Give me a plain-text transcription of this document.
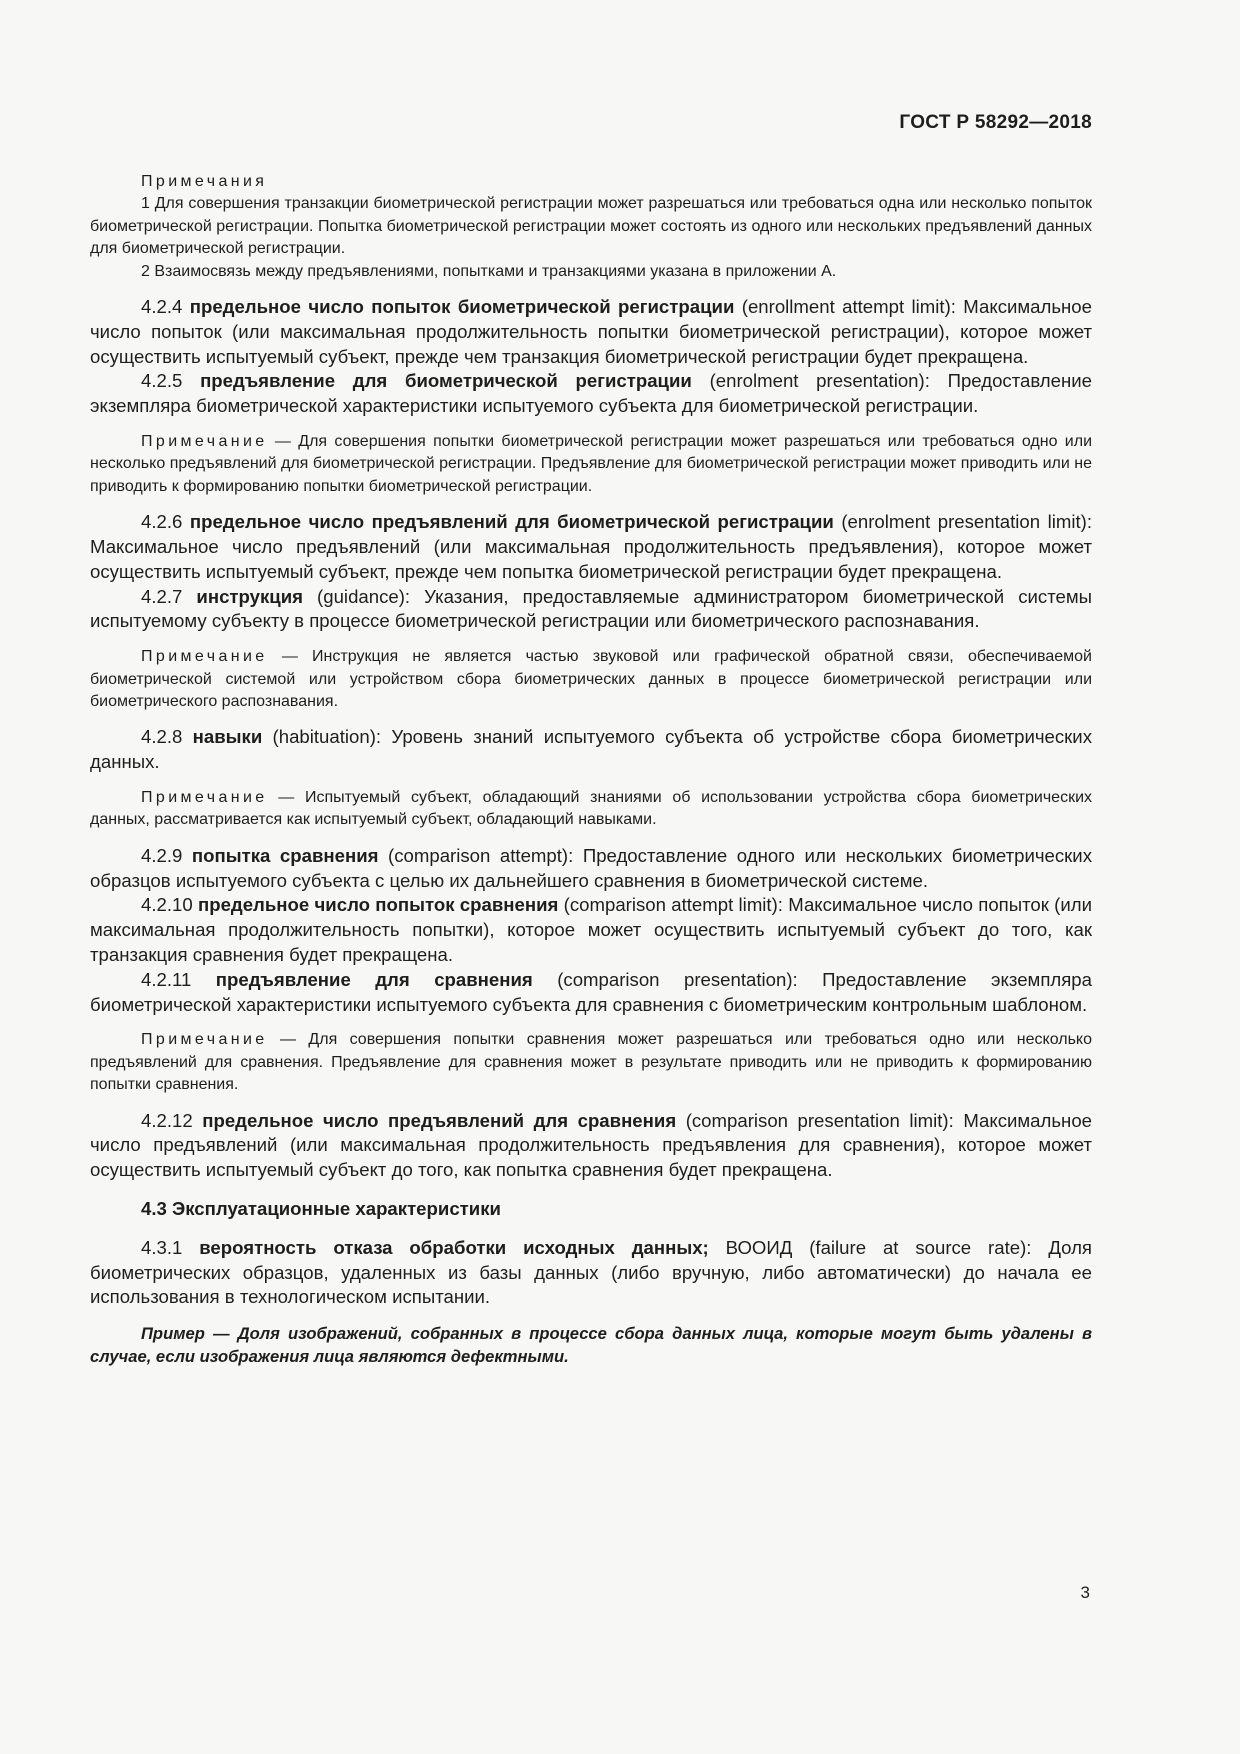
ГОСТ Р 58292—2018

Примечания

1 Для совершения транзакции биометрической регистрации может разрешаться или требоваться одна или несколько попыток биометрической регистрации. Попытка биометрической регистрации может состоять из одного или нескольких предъявлений данных для биометрической регистрации.

2 Взаимосвязь между предъявлениями, попытками и транзакциями указана в приложении А.

4.2.4 предельное число попыток биометрической регистрации (enrollment attempt limit): Максимальное число попыток (или максимальная продолжительность попытки биометрической регистрации), которое может осуществить испытуемый субъект, прежде чем транзакция биометрической регистрации будет прекращена.

4.2.5 предъявление для биометрической регистрации (enrolment presentation): Предоставление экземпляра биометрической характеристики испытуемого субъекта для биометрической регистрации.

Примечание — Для совершения попытки биометрической регистрации может разрешаться или требоваться одно или несколько предъявлений для биометрической регистрации. Предъявление для биометрической регистрации может приводить или не приводить к формированию попытки биометрической регистрации.

4.2.6 предельное число предъявлений для биометрической регистрации (enrolment presentation limit): Максимальное число предъявлений (или максимальная продолжительность предъявления), которое может осуществить испытуемый субъект, прежде чем попытка биометрической регистрации будет прекращена.

4.2.7 инструкция (guidance): Указания, предоставляемые администратором биометрической системы испытуемому субъекту в процессе биометрической регистрации или биометрического распознавания.

Примечание — Инструкция не является частью звуковой или графической обратной связи, обеспечиваемой биометрической системой или устройством сбора биометрических данных в процессе биометрической регистрации или биометрического распознавания.

4.2.8 навыки (habituation): Уровень знаний испытуемого субъекта об устройстве сбора биометрических данных.

Примечание — Испытуемый субъект, обладающий знаниями об использовании устройства сбора биометрических данных, рассматривается как испытуемый субъект, обладающий навыками.

4.2.9 попытка сравнения (comparison attempt): Предоставление одного или нескольких биометрических образцов испытуемого субъекта с целью их дальнейшего сравнения в биометрической системе.

4.2.10 предельное число попыток сравнения (comparison attempt limit): Максимальное число попыток (или максимальная продолжительность попытки), которое может осуществить испытуемый субъект до того, как транзакция сравнения будет прекращена.

4.2.11 предъявление для сравнения (comparison presentation): Предоставление экземпляра биометрической характеристики испытуемого субъекта для сравнения с биометрическим контрольным шаблоном.

Примечание — Для совершения попытки сравнения может разрешаться или требоваться одно или несколько предъявлений для сравнения. Предъявление для сравнения может в результате приводить или не приводить к формированию попытки сравнения.

4.2.12 предельное число предъявлений для сравнения (comparison presentation limit): Максимальное число предъявлений (или максимальная продолжительность предъявления для сравнения), которое может осуществить испытуемый субъект до того, как попытка сравнения будет прекращена.

4.3 Эксплуатационные характеристики

4.3.1 вероятность отказа обработки исходных данных; ВООИД (failure at source rate): Доля биометрических образцов, удаленных из базы данных (либо вручную, либо автоматически) до начала ее использования в технологическом испытании.

Пример — Доля изображений, собранных в процессе сбора данных лица, которые могут быть удалены в случае, если изображения лица являются дефектными.

3
